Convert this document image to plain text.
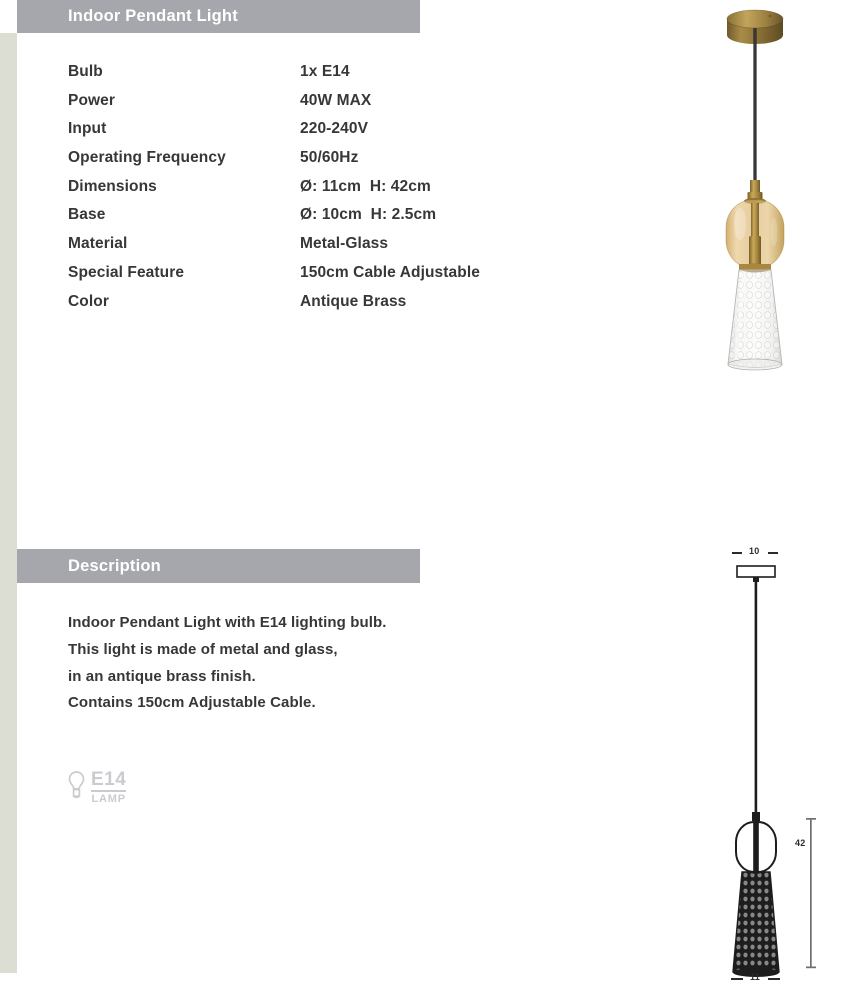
Indoor Pendant Light
Bulb	1x E14
Power	40W MAX
Input	220-240V
Operating Frequency	50/60Hz
Dimensions	Ø: 11cm  H: 42cm
Base	Ø: 10cm  H: 2.5cm
Material	Metal-Glass
Special Feature	150cm Cable Adjustable
Color	Antique Brass
Description
Indoor Pendant Light with E14 lighting bulb.
This light is made of metal and glass,
in an antique brass finish.
Contains 150cm Adjustable Cable.
E14
LAMP
10
11
42
